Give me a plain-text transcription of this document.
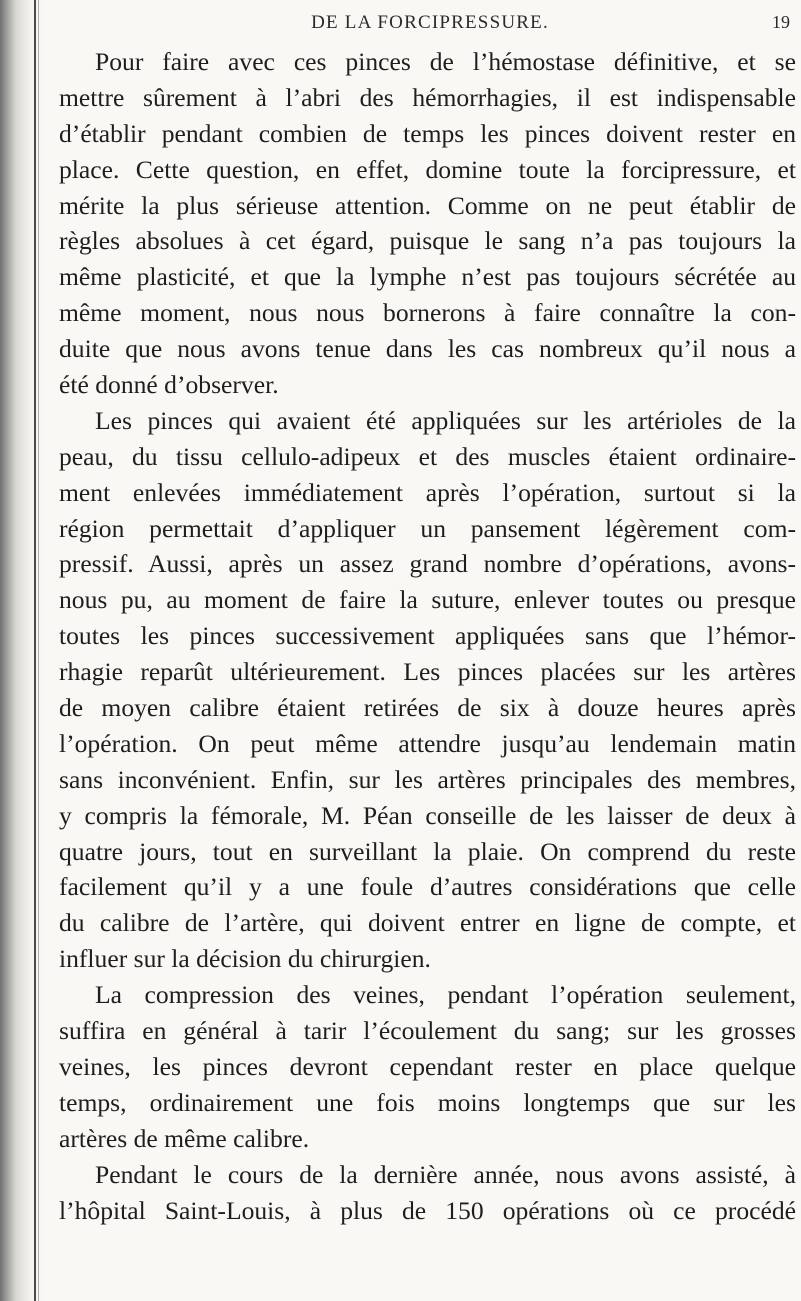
DE LA FORCIPRESSURE.	19
Pour faire avec ces pinces de l’hémostase définitive, et se
mettre sûrement à l’abri des hémorrhagies, il est indispensable
d’établir pendant combien de temps les pinces doivent rester en
place. Cette question, en effet, domine toute la forcipressure, et
mérite la plus sérieuse attention. Comme on ne peut établir de
règles absolues à cet égard, puisque le sang n’a pas toujours la
même plasticité, et que la lymphe n’est pas toujours sécrétée au
même moment, nous nous bornerons à faire connaître la con-
duite que nous avons tenue dans les cas nombreux qu’il nous a
été donné d’observer.
Les pinces qui avaient été appliquées sur les artérioles de la
peau, du tissu cellulo-adipeux et des muscles étaient ordinaire-
ment enlevées immédiatement après l’opération, surtout si la
région permettait d’appliquer un pansement légèrement com-
pressif. Aussi, après un assez grand nombre d’opérations, avons-
nous pu, au moment de faire la suture, enlever toutes ou presque
toutes les pinces successivement appliquées sans que l’hémor-
rhagie reparût ultérieurement. Les pinces placées sur les artères
de moyen calibre étaient retirées de six à douze heures après
l’opération. On peut même attendre jusqu’au lendemain matin
sans inconvénient. Enfin, sur les artères principales des membres,
y compris la fémorale, M. Péan conseille de les laisser de deux à
quatre jours, tout en surveillant la plaie. On comprend du reste
facilement qu’il y a une foule d’autres considérations que celle
du calibre de l’artère, qui doivent entrer en ligne de compte, et
influer sur la décision du chirurgien.
La compression des veines, pendant l’opération seulement,
suffira en général à tarir l’écoulement du sang; sur les grosses
veines, les pinces devront cependant rester en place quelque
temps, ordinairement une fois moins longtemps que sur les
artères de même calibre.
Pendant le cours de la dernière année, nous avons assisté, à
l’hôpital Saint-Louis, à plus de 150 opérations où ce procédé
